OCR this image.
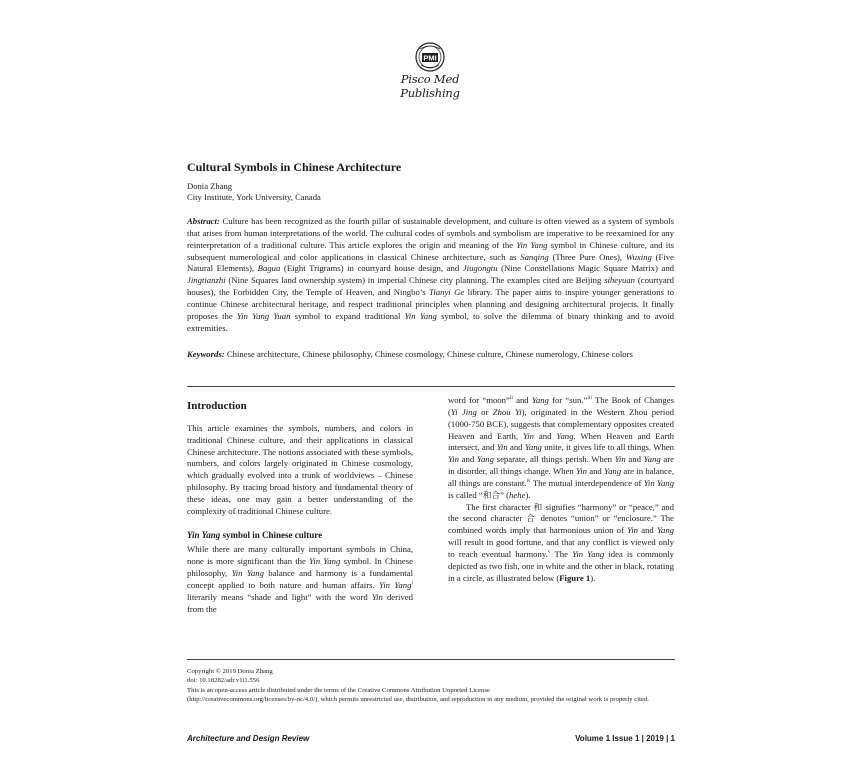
PMI
Pisco Med Publishing
Cultural Symbols in Chinese Architecture
Donia Zhang
City Institute, York University, Canada

Abstract: Culture has been recognized as the fourth pillar of sustainable development, and culture is often viewed as a system of symbols that arises from human interpretations of the world. The cultural codes of symbols and symbolism are imperative to be reexamined for any reinterpretation of a traditional culture. This article explores the origin and meaning of the Yin Yang symbol in Chinese culture, and its subsequent numerological and color applications in classical Chinese architecture, such as Sanqing (Three Pure Ones), Wuxing (Five Natural Elements), Bagua (Eight Trigrams) in courtyard house design, and Jiugongtu (Nine Constellations Magic Square Matrix) and Jingtianzhi (Nine Squares land ownership system) in imperial Chinese city planning. The examples cited are Beijing siheyuan (courtyard houses), the Forbidden City, the Temple of Heaven, and Ningbo’s Tianyi Ge library. The paper aims to inspire younger generations to continue Chinese architectural heritage, and respect traditional principles when planning and designing architectural projects. It finally proposes the Yin Yang Yuan symbol to expand traditional Yin Yang symbol, to solve the dilemma of binary thinking and to avoid extremities.

Keywords: Chinese architecture, Chinese philosophy, Chinese cosmology, Chinese culture, Chinese numerology, Chinese colors

Introduction

This article examines the symbols, numbers, and colors in traditional Chinese culture, and their applications in classical Chinese architecture. The notions associated with these symbols, numbers, and colors largely originated in Chinese cosmology, which gradually evolved into a trunk of worldviews – Chinese philosophy. By tracing broad history and fundamental theory of these ideas, one may gain a better understanding of the complexity of traditional Chinese culture.

Yin Yang symbol in Chinese culture

While there are many culturally important symbols in China, none is more significant than the Yin Yang symbol. In Chinese philosophy, Yin Yang balance and harmony is a fundamental concept applied to both nature and human affairs. Yin Yang$^i$ literarily means “shade and light” with the word Yin derived from the

word for “moon”$^{ii}$ and Yang for “sun.”$^{iii}$ The Book of Changes (Yi Jing or Zhou Yi), originated in the Western Zhou period (1000-750 BCE), suggests that complementary opposites created Heaven and Earth, Yin and Yang. When Heaven and Earth intersect, and Yin and Yang unite, it gives life to all things. When Yin and Yang separate, all things perish. When Yin and Yang are in disorder, all things change. When Yin and Yang are in balance, all things are constant.$^{iv}$ The mutual interdependence of Yin Yang is called “和合” (hehe).

The first character 和 signifies “harmony” or “peace,” and the second character 合 denotes “union” or “enclosure.” The combined words imply that harmonious union of Yin and Yang will result in good fortune, and that any conflict is viewed only to reach eventual harmony.$^v$ The Yin Yang idea is commonly depicted as two fish, one in white and the other in black, rotating in a circle, as illustrated below (Figure 1).

Copyright © 2019 Donia Zhang
doi: 10.18282/adr.v1i1.556
This is an open-access article distributed under the terms of the Creative Commons Attribution Unported License
(http://creativecommons.org/licenses/by-nc/4.0/), which permits unrestricted use, distribution, and reproduction in any medium, provided the original work is properly cited.
Architecture and Design Review	Volume 1 Issue 1 | 2019 | 1
